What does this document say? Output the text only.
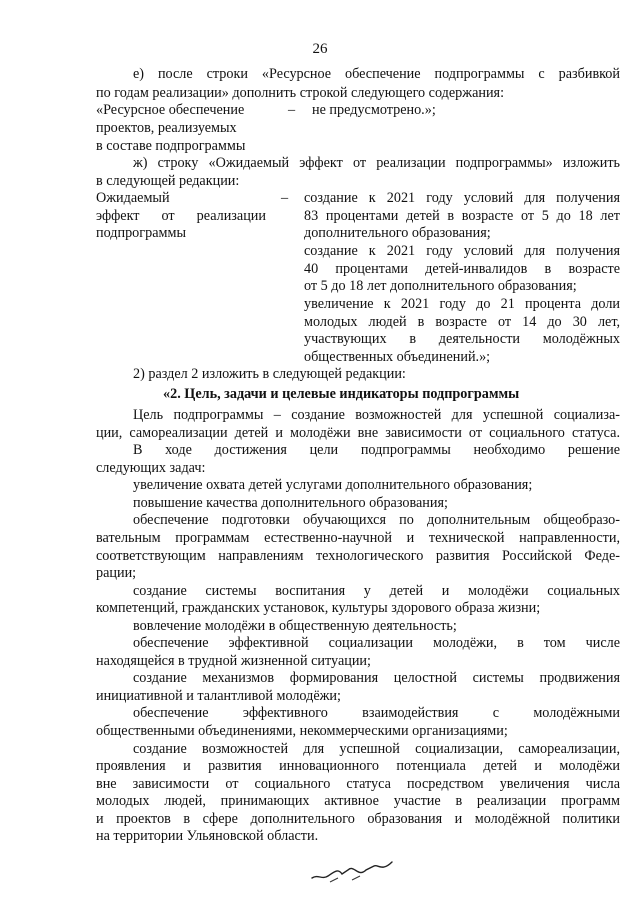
26
е) после строки «Ресурсное обеспечение подпрограммы с разбивкой
по годам реализации» дополнить строкой следующего содержания:
«Ресурсное обеспечение	– не предусмотрено.»;
проектов, реализуемых
в составе подпрограммы
ж) строку «Ожидаемый эффект от реализации подпрограммы» изложить
в следующей редакции:
Ожидаемый	– создание к 2021 году условий для получения
эффект от реализации	83 процентами детей в возрасте от 5 до 18 лет
подпрограммы	дополнительного образования;
создание к 2021 году условий для получения
40 процентами детей-инвалидов в возрасте
от 5 до 18 лет дополнительного образования;
увеличение к 2021 году до 21 процента доли
молодых людей в возрасте от 14 до 30 лет,
участвующих в деятельности молодёжных
общественных объединений.»;
2) раздел 2 изложить в следующей редакции:
«2. Цель, задачи и целевые индикаторы подпрограммы
Цель подпрограммы – создание возможностей для успешной социализа-
ции, самореализации детей и молодёжи вне зависимости от социального статуса.
В ходе достижения цели подпрограммы необходимо решение
следующих задач:
увеличение охвата детей услугами дополнительного образования;
повышение качества дополнительного образования;
обеспечение подготовки обучающихся по дополнительным общеобразо-
вательным программам естественно-научной и технической направленности,
соответствующим направлениям технологического развития Российской Феде-
рации;
создание системы воспитания у детей и молодёжи социальных
компетенций, гражданских установок, культуры здорового образа жизни;
вовлечение молодёжи в общественную деятельность;
обеспечение эффективной социализации молодёжи, в том числе
находящейся в трудной жизненной ситуации;
создание механизмов формирования целостной системы продвижения
инициативной и талантливой молодёжи;
обеспечение эффективного взаимодействия с молодёжными
общественными объединениями, некоммерческими организациями;
создание возможностей для успешной социализации, самореализации,
проявления и развития инновационного потенциала детей и молодёжи
вне зависимости от социального статуса посредством увеличения числа
молодых людей, принимающих активное участие в реализации программ
и проектов в сфере дополнительного образования и молодёжной политики
на территории Ульяновской области.
